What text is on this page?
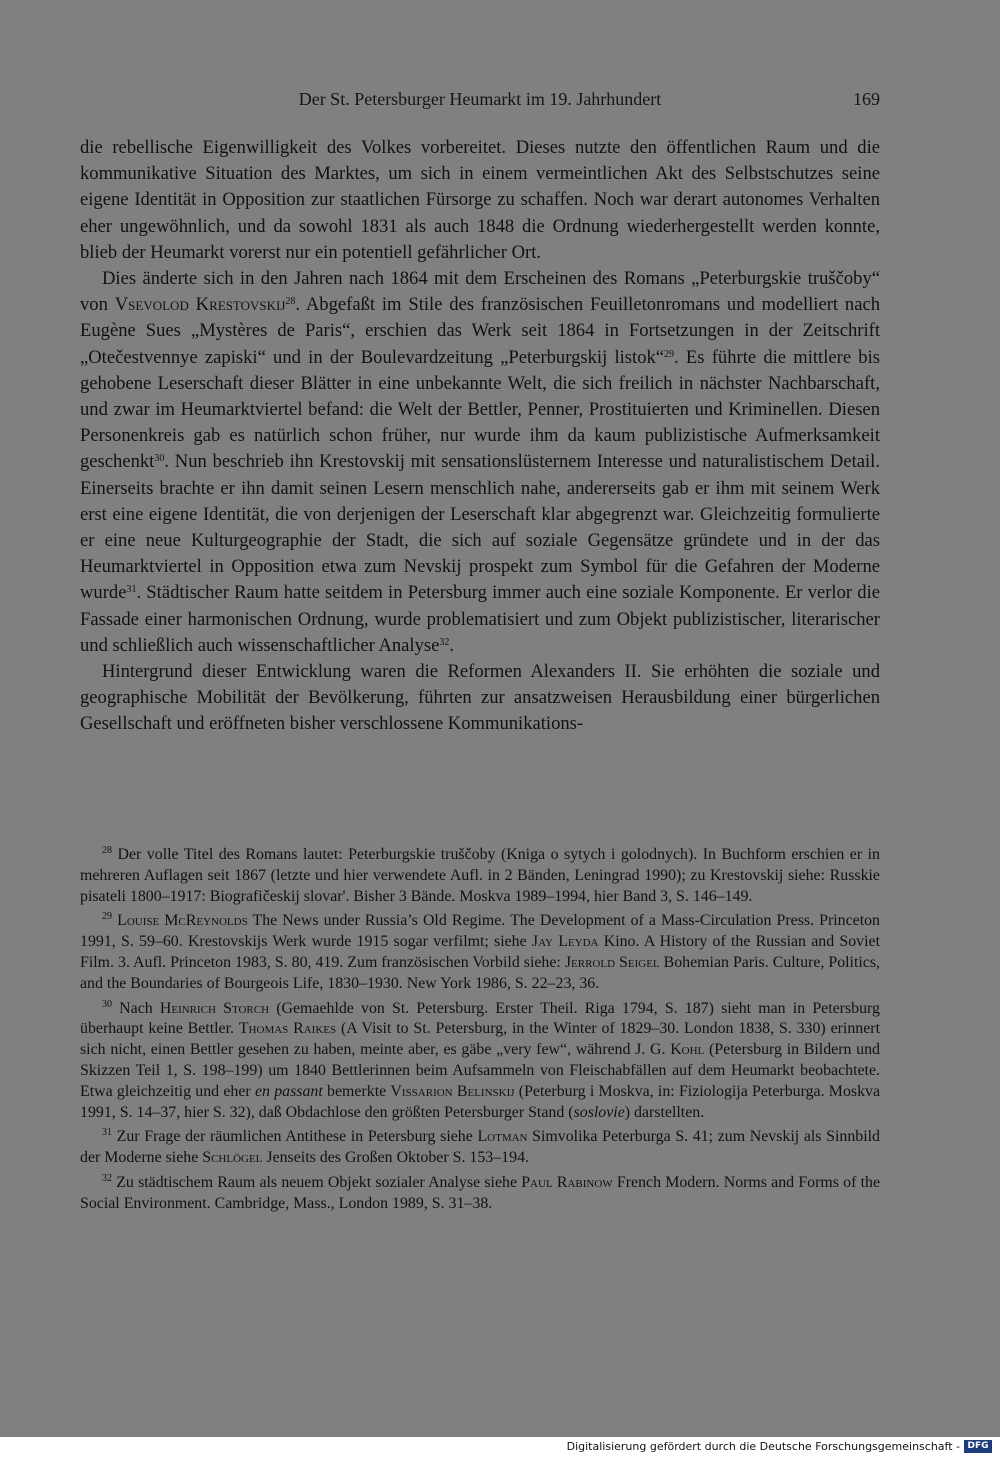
Der St. Petersburger Heumarkt im 19. Jahrhundert	169

die rebellische Eigenwilligkeit des Volkes vorbereitet. Dieses nutzte den öffentlichen Raum und die kommunikative Situation des Marktes, um sich in einem vermeintlichen Akt des Selbstschutzes seine eigene Identität in Opposition zur staatlichen Fürsorge zu schaffen. Noch war derart autonomes Verhalten eher ungewöhnlich, und da sowohl 1831 als auch 1848 die Ordnung wiederhergestellt werden konnte, blieb der Heumarkt vorerst nur ein potentiell gefährlicher Ort.

Dies änderte sich in den Jahren nach 1864 mit dem Erscheinen des Romans „Peterburgskie truščoby“ von Vsevolod Krestovskij$^{28}$. Abgefaßt im Stile des französischen Feuilletonromans und modelliert nach Eugène Sues „Mystères de Paris“, erschien das Werk seit 1864 in Fortsetzungen in der Zeitschrift „Otečestvennye zapiski“ und in der Boulevardzeitung „Peterburgskij listok“$^{29}$. Es führte die mittlere bis gehobene Leserschaft dieser Blätter in eine unbekannte Welt, die sich freilich in nächster Nachbarschaft, und zwar im Heumarktviertel befand: die Welt der Bettler, Penner, Prostituierten und Kriminellen. Diesen Personenkreis gab es natürlich schon früher, nur wurde ihm da kaum publizistische Aufmerksamkeit geschenkt$^{30}$. Nun beschrieb ihn Krestovskij mit sensationslüsternem Interesse und naturalistischem Detail. Einerseits brachte er ihn damit seinen Lesern menschlich nahe, andererseits gab er ihm mit seinem Werk erst eine eigene Identität, die von derjenigen der Leserschaft klar abgegrenzt war. Gleichzeitig formulierte er eine neue Kulturgeographie der Stadt, die sich auf soziale Gegensätze gründete und in der das Heumarktviertel in Opposition etwa zum Nevskij prospekt zum Symbol für die Gefahren der Moderne wurde$^{31}$. Städtischer Raum hatte seitdem in Petersburg immer auch eine soziale Komponente. Er verlor die Fassade einer harmonischen Ordnung, wurde problematisiert und zum Objekt publizistischer, literarischer und schließlich auch wissenschaftlicher Analyse$^{32}$.

Hintergrund dieser Entwicklung waren die Reformen Alexanders II. Sie erhöhten die soziale und geographische Mobilität der Bevölkerung, führten zur ansatzweisen Herausbildung einer bürgerlichen Gesellschaft und eröffneten bisher verschlossene Kommunikations-

$^{28}$ Der volle Titel des Romans lautet: Peterburgskie truščoby (Kniga o sytych i golodnych). In Buchform erschien er in mehreren Auflagen seit 1867 (letzte und hier verwendete Aufl. in 2 Bänden, Leningrad 1990); zu Krestovskij siehe: Russkie pisateli 1800–1917: Biografičeskij slovar'. Bisher 3 Bände. Moskva 1989–1994, hier Band 3, S. 146–149.

$^{29}$ Louise McReynolds The News under Russia’s Old Regime. The Development of a Mass-Circulation Press. Princeton 1991, S. 59–60. Krestovskijs Werk wurde 1915 sogar verfilmt; siehe Jay Leyda Kino. A History of the Russian and Soviet Film. 3. Aufl. Princeton 1983, S. 80, 419. Zum französischen Vorbild siehe: Jerrold Seigel Bohemian Paris. Culture, Politics, and the Boundaries of Bourgeois Life, 1830–1930. New York 1986, S. 22–23, 36.

$^{30}$ Nach Heinrich Storch (Gemaehlde von St. Petersburg. Erster Theil. Riga 1794, S. 187) sieht man in Petersburg überhaupt keine Bettler. Thomas Raikes (A Visit to St. Petersburg, in the Winter of 1829–30. London 1838, S. 330) erinnert sich nicht, einen Bettler gesehen zu haben, meinte aber, es gäbe „very few“, während J. G. Kohl (Petersburg in Bildern und Skizzen Teil 1, S. 198–199) um 1840 Bettlerinnen beim Aufsammeln von Fleischabfällen auf dem Heumarkt beobachtete. Etwa gleichzeitig und eher en passant bemerkte Vissarion Belinskij (Peterburg i Moskva, in: Fiziologija Peterburga. Moskva 1991, S. 14–37, hier S. 32), daß Obdachlose den größten Petersburger Stand (soslovie) darstellten.

$^{31}$ Zur Frage der räumlichen Antithese in Petersburg siehe Lotman Simvolika Peterburga S. 41; zum Nevskij als Sinnbild der Moderne siehe Schlögel Jenseits des Großen Oktober S. 153–194.

$^{32}$ Zu städtischem Raum als neuem Objekt sozialer Analyse siehe Paul Rabinow French Modern. Norms and Forms of the Social Environment. Cambridge, Mass., London 1989, S. 31–38.

Digitalisierung gefördert durch die Deutsche Forschungsgemeinschaft - DFG
